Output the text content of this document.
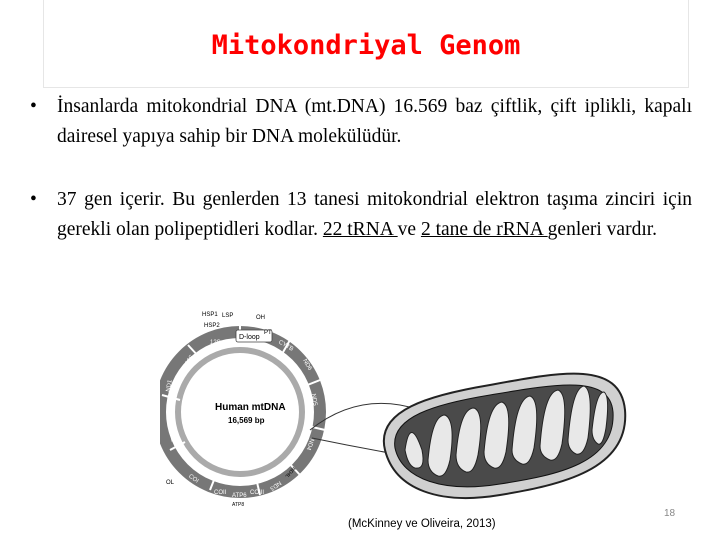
Mitokondriyal Genom
•	İnsanlarda mitokondrial DNA (mt.DNA) 16.569 baz çiftlik, çift iplikli, kapalı dairesel yapıya sahip bir DNA molekülüdür.
•	37 gen içerir. Bu genlerden 13 tanesi mitokondrial elektron taşıma zinciri için gerekli olan polipeptidleri kodlar. 22 tRNA ve 2 tane de rRNA genleri vardır.
D-loop
LSP
HSP1
HSP2
OH
12S
16S
CYTB
PT
ND6
ND5
ND4
ND4L
ND3
COIII
ATP6
ATP8
COII
COI
OL
ND2
ND1
Human mtDNA
16,569 bp
(McKinney ve Oliveira, 2013)
18
